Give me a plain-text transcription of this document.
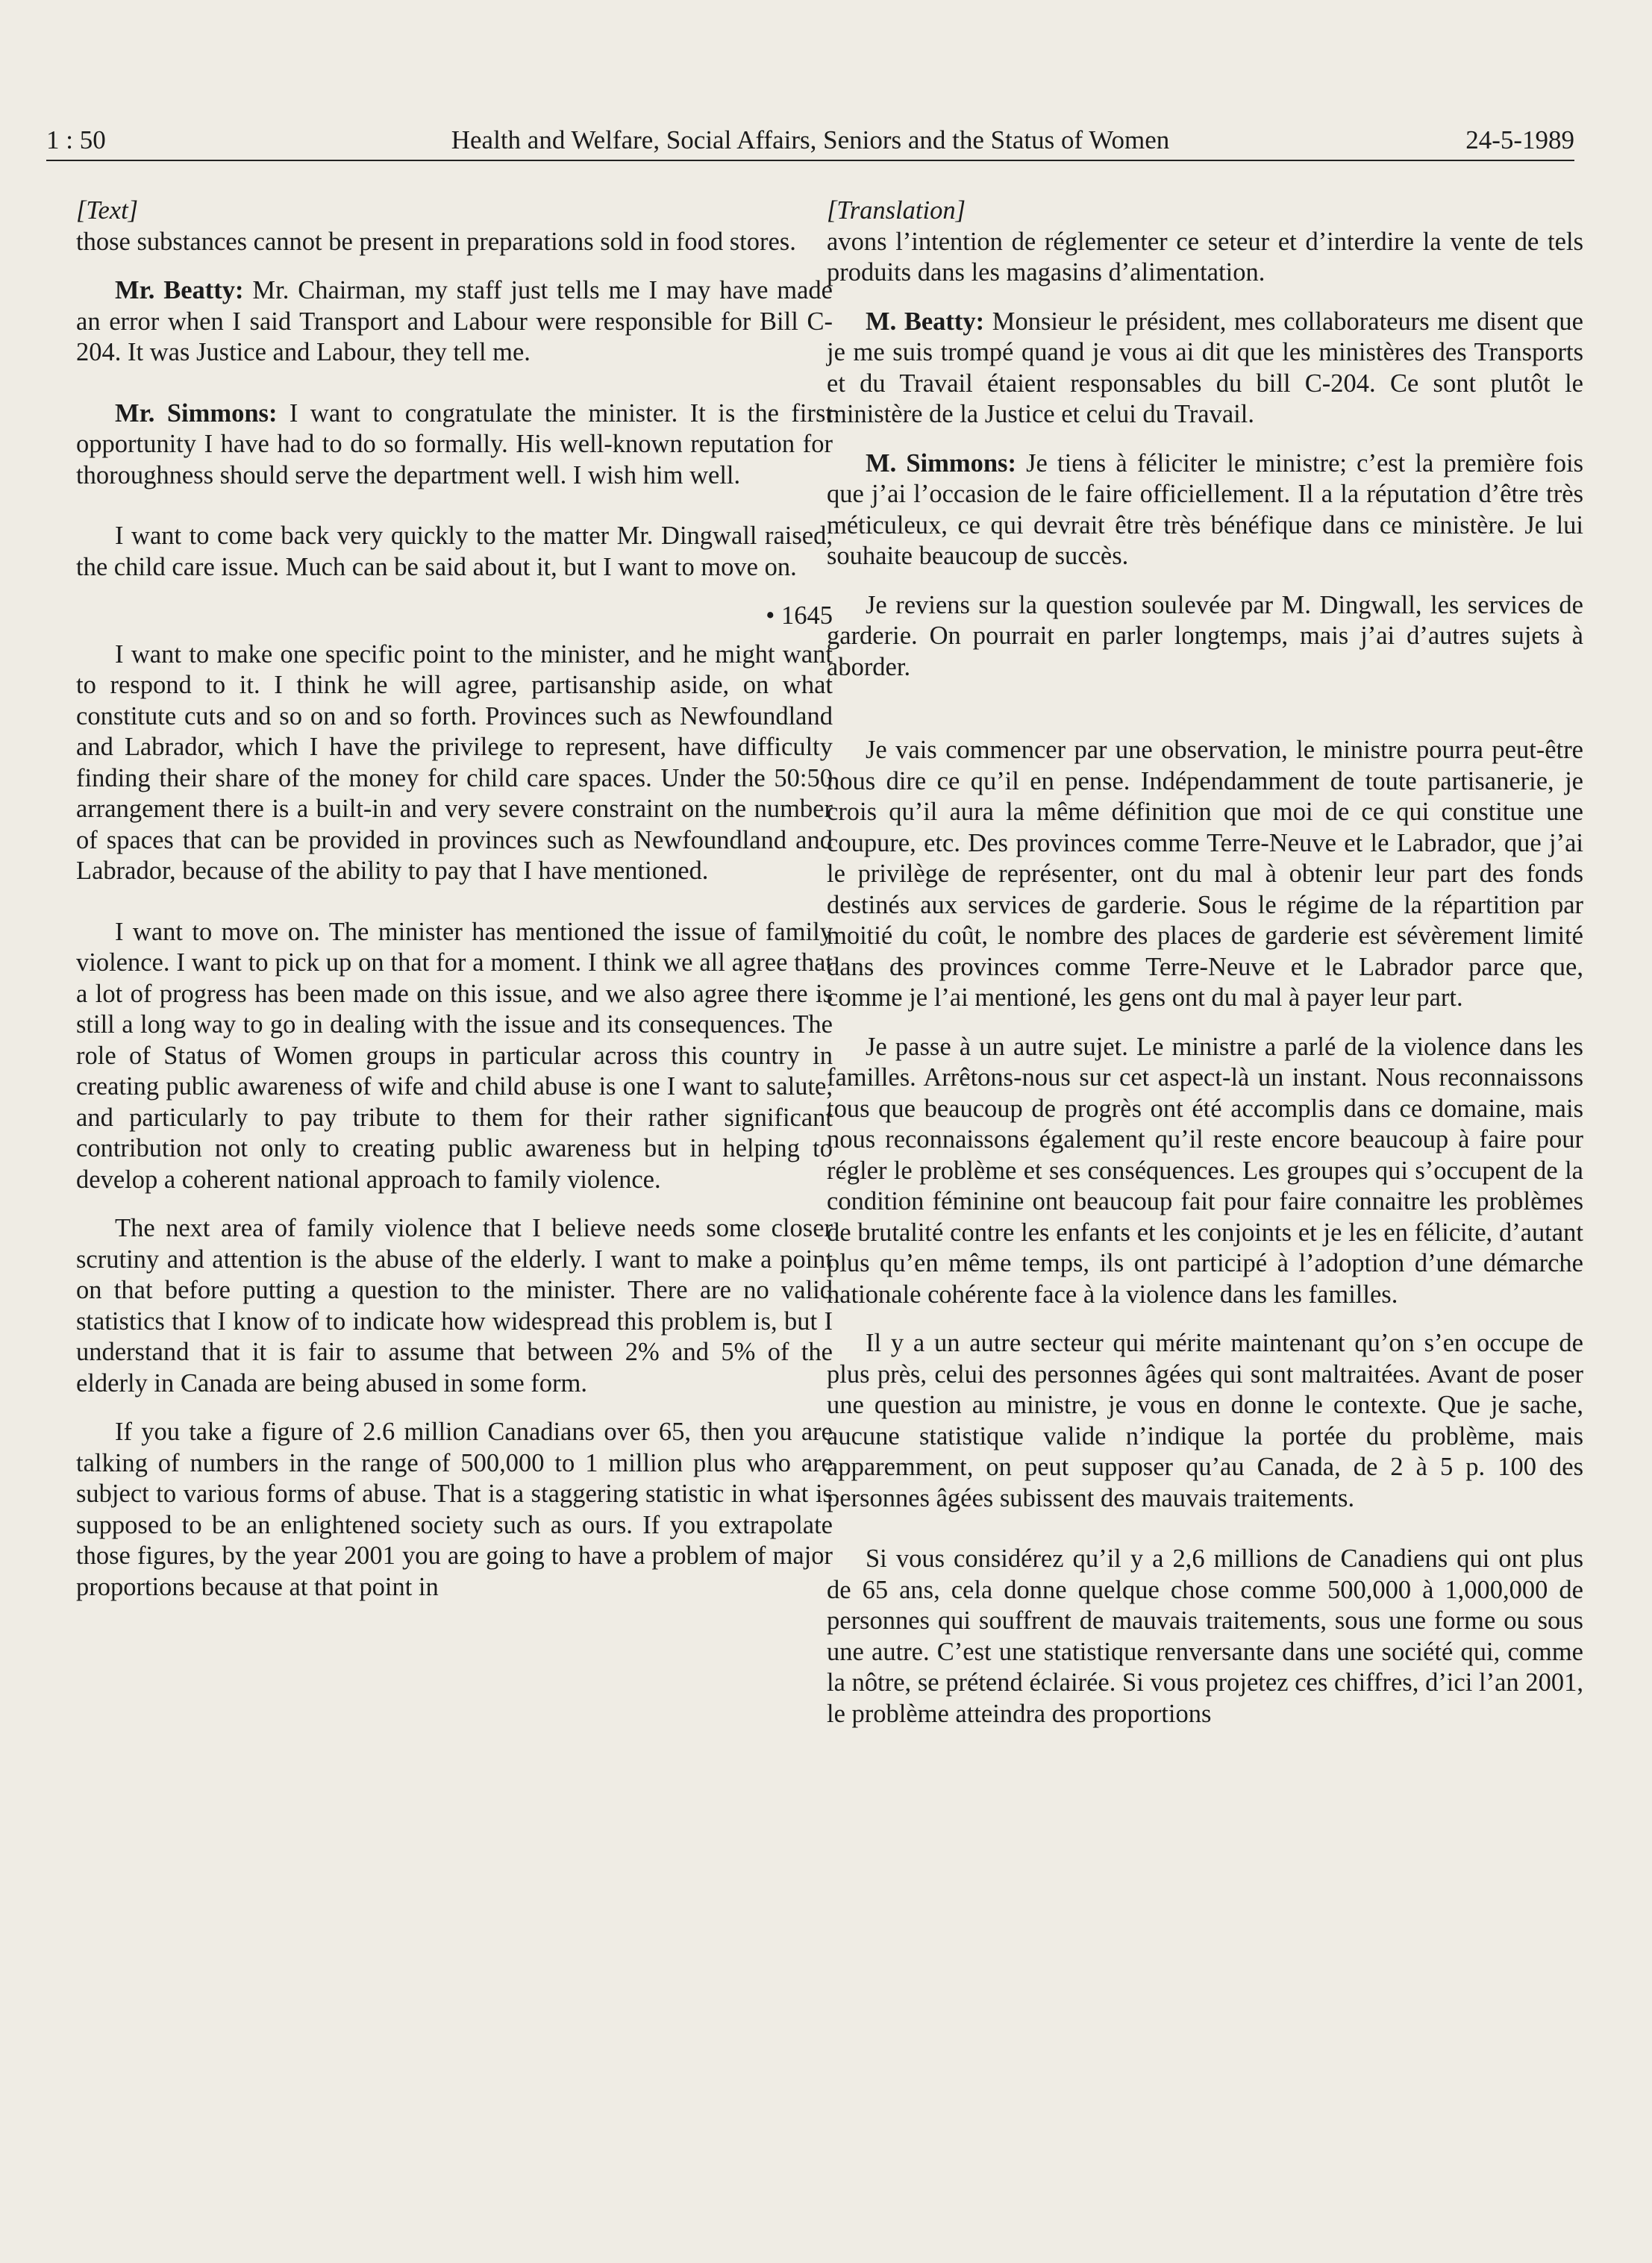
1 : 50	Health and Welfare, Social Affairs, Seniors and the Status of Women	24-5-1989

[Text]

those substances cannot be present in preparations sold in food stores.

Mr. Beatty: Mr. Chairman, my staff just tells me I may have made an error when I said Transport and Labour were responsible for Bill C-204. It was Justice and Labour, they tell me.

Mr. Simmons: I want to congratulate the minister. It is the first opportunity I have had to do so formally. His well-known reputation for thoroughness should serve the department well. I wish him well.

I want to come back very quickly to the matter Mr. Dingwall raised, the child care issue. Much can be said about it, but I want to move on.

• 1645

I want to make one specific point to the minister, and he might want to respond to it. I think he will agree, partisanship aside, on what constitute cuts and so on and so forth. Provinces such as Newfoundland and Labrador, which I have the privilege to represent, have difficulty finding their share of the money for child care spaces. Under the 50:50 arrangement there is a built-in and very severe constraint on the number of spaces that can be provided in provinces such as Newfoundland and Labrador, because of the ability to pay that I have mentioned.

I want to move on. The minister has mentioned the issue of family violence. I want to pick up on that for a moment. I think we all agree that a lot of progress has been made on this issue, and we also agree there is still a long way to go in dealing with the issue and its consequences. The role of Status of Women groups in particular across this country in creating public awareness of wife and child abuse is one I want to salute, and particularly to pay tribute to them for their rather significant contribution not only to creating public awareness but in helping to develop a coherent national approach to family violence.

The next area of family violence that I believe needs some closer scrutiny and attention is the abuse of the elderly. I want to make a point on that before putting a question to the minister. There are no valid statistics that I know of to indicate how widespread this problem is, but I understand that it is fair to assume that between 2% and 5% of the elderly in Canada are being abused in some form.

If you take a figure of 2.6 million Canadians over 65, then you are talking of numbers in the range of 500,000 to 1 million plus who are subject to various forms of abuse. That is a staggering statistic in what is supposed to be an enlightened society such as ours. If you extrapolate those figures, by the year 2001 you are going to have a problem of major proportions because at that point in

[Translation]

avons l’intention de réglementer ce seteur et d’interdire la vente de tels produits dans les magasins d’alimentation.

M. Beatty: Monsieur le président, mes collaborateurs me disent que je me suis trompé quand je vous ai dit que les ministères des Transports et du Travail étaient responsables du bill C-204. Ce sont plutôt le ministère de la Justice et celui du Travail.

M. Simmons: Je tiens à féliciter le ministre; c’est la première fois que j’ai l’occasion de le faire officiellement. Il a la réputation d’être très méticuleux, ce qui devrait être très bénéfique dans ce ministère. Je lui souhaite beaucoup de succès.

Je reviens sur la question soulevée par M. Dingwall, les services de garderie. On pourrait en parler longtemps, mais j’ai d’autres sujets à aborder.

Je vais commencer par une observation, le ministre pourra peut-être nous dire ce qu’il en pense. Indépendamment de toute partisanerie, je crois qu’il aura la même définition que moi de ce qui constitue une coupure, etc. Des provinces comme Terre-Neuve et le Labrador, que j’ai le privilège de représenter, ont du mal à obtenir leur part des fonds destinés aux services de garderie. Sous le régime de la répartition par moitié du coût, le nombre des places de garderie est sévèrement limité dans des provinces comme Terre-Neuve et le Labrador parce que, comme je l’ai mentioné, les gens ont du mal à payer leur part.

Je passe à un autre sujet. Le ministre a parlé de la violence dans les familles. Arrêtons-nous sur cet aspect-là un instant. Nous reconnaissons tous que beaucoup de progrès ont été accomplis dans ce domaine, mais nous reconnaissons également qu’il reste encore beaucoup à faire pour régler le problème et ses conséquences. Les groupes qui s’occupent de la condition féminine ont beaucoup fait pour faire connaitre les problèmes de brutalité contre les enfants et les conjoints et je les en félicite, d’autant plus qu’en même temps, ils ont participé à l’adoption d’une démarche nationale cohérente face à la violence dans les familles.

Il y a un autre secteur qui mérite maintenant qu’on s’en occupe de plus près, celui des personnes âgées qui sont maltraitées. Avant de poser une question au ministre, je vous en donne le contexte. Que je sache, aucune statistique valide n’indique la portée du problème, mais apparemment, on peut supposer qu’au Canada, de 2 à 5 p. 100 des personnes âgées subissent des mauvais traitements.

Si vous considérez qu’il y a 2,6 millions de Canadiens qui ont plus de 65 ans, cela donne quelque chose comme 500,000 à 1,000,000 de personnes qui souffrent de mauvais traitements, sous une forme ou sous une autre. C’est une statistique renversante dans une société qui, comme la nôtre, se prétend éclairée. Si vous projetez ces chiffres, d’ici l’an 2001, le problème atteindra des proportions
